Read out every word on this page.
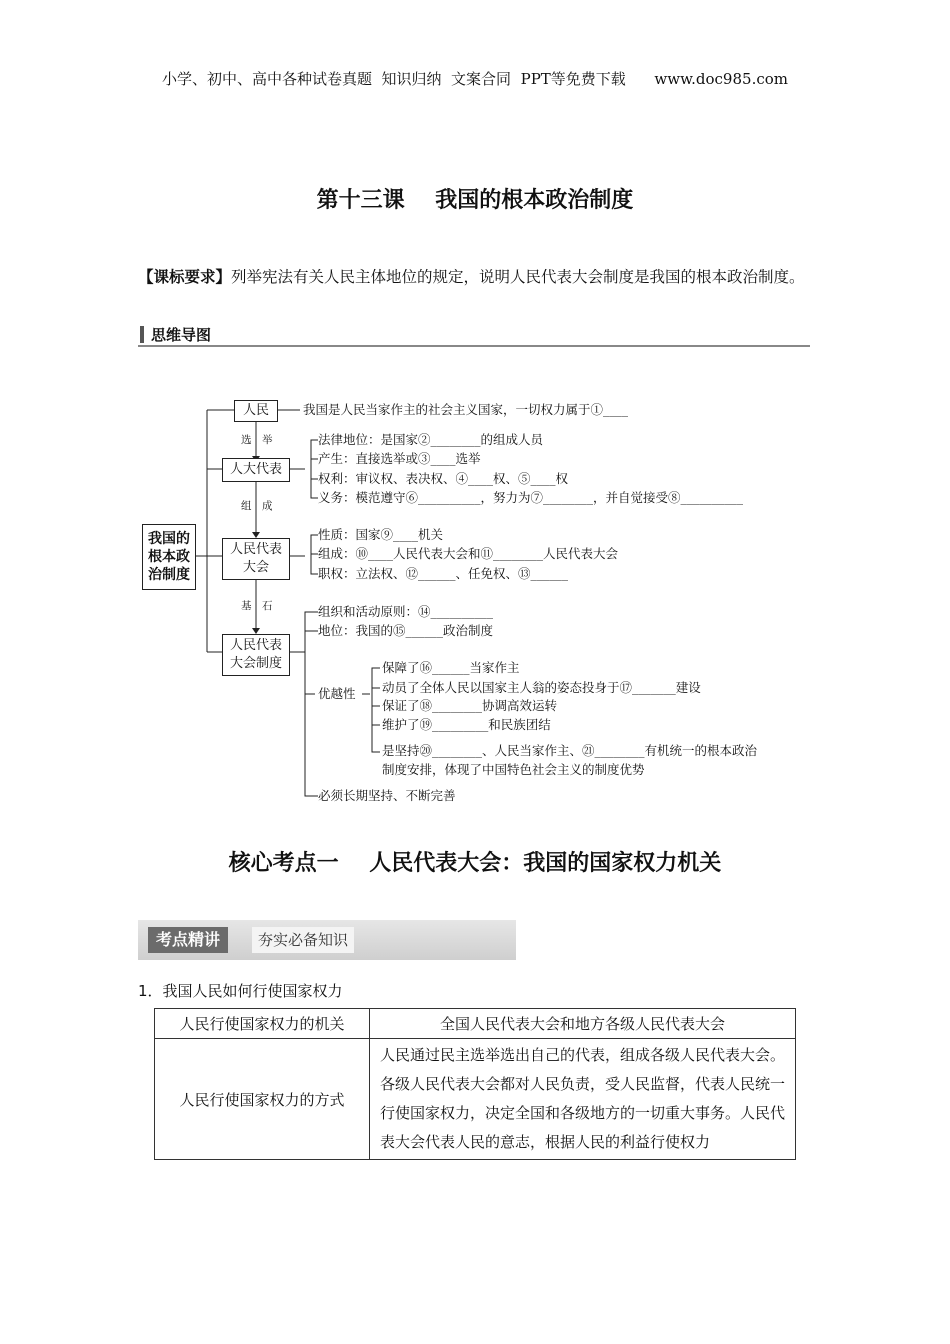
小学、初中、高中各种试卷真题  知识归纳  文案合同  PPT等免费下载      www.doc985.com
第十三课    我国的根本政治制度
【课标要求】列举宪法有关人民主体地位的规定，说明人民代表大会制度是我国的根本政治制度。
思维导图
我国的
根本政
治制度
人民
人大代表
人民代表
大会
人民代表
大会制度
选 举
组 成
基 石
我国是人民当家作主的社会主义国家，一切权力属于①____
法律地位：是国家②________的组成人员
产生：直接选举或③____选举
权利：审议权、表决权、④____权、⑤____权
义务：模范遵守⑥__________，努力为⑦________，并自觉接受⑧__________
性质：国家⑨____机关
组成：⑩____人民代表大会和⑪________人民代表大会
职权：立法权、⑫______、任免权、⑬______
组织和活动原则：⑭__________
地位：我国的⑮______政治制度
优越性
保障了⑯______当家作主
动员了全体人民以国家主人翁的姿态投身于⑰_______建设
保证了⑱________协调高效运转
维护了⑲_________和民族团结
是坚持⑳________、人民当家作主、㉑________有机统一的根本政治
制度安排，体现了中国特色社会主义的制度优势
必须长期坚持、不断完善
核心考点一    人民代表大会：我国的国家权力机关
考点精讲	夯实必备知识
1．我国人民如何行使国家权力
人民行使国家权力的机关	全国人民代表大会和地方各级人民代表大会
人民行使国家权力的方式	人民通过民主选举选出自己的代表，组成各级人民代表大会。各级人民代表大会都对人民负责，受人民监督，代表人民统一行使国家权力，决定全国和各级地方的一切重大事务。人民代表大会代表人民的意志，根据人民的利益行使权力
